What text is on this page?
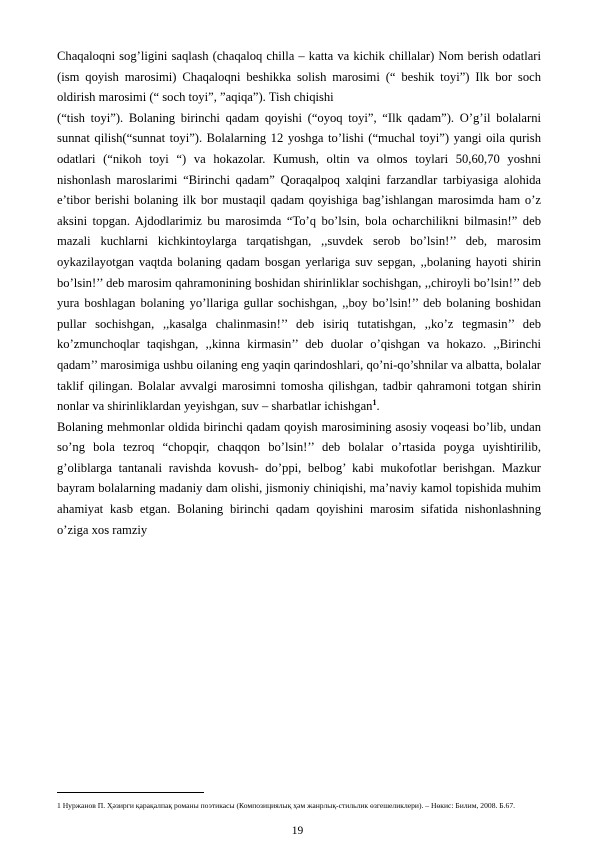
Chaqaloqni sog’ligini saqlash (chaqaloq chilla – katta va kichik chillalar) Nom berish odatlari (ism qoyish marosimi) Chaqaloqni beshikka solish marosimi (“ beshik toyi”) Ilk bor soch oldirish marosimi (“ soch toyi”, ”aqiqa”). Tish chiqishi

(“tish toyi”). Bolaning birinchi qadam qoyishi (“oyoq toyi”, “Ilk qadam”). O’g’il bolalarni sunnat qilish(“sunnat toyi”). Bolalarning 12 yoshga to’lishi (“muchal toyi”) yangi oila qurish odatlari (“nikoh toyi “) va hokazolar. Kumush, oltin va olmos toylari 50,60,70 yoshni nishonlash maroslarimi “Birinchi qadam” Qoraqalpoq xalqini farzandlar tarbiyasiga alohida e’tibor berishi bolaning ilk bor mustaqil qadam qoyishiga bag’ishlangan marosimda ham o’z aksini topgan. Ajdodlarimiz bu marosimda “To’q bo’lsin, bola ocharchilikni bilmasin!” deb mazali kuchlarni kichkintoylarga tarqatishgan, ,,suvdek serob bo’lsin!’’ deb, marosim oykazilayotgan vaqtda bolaning qadam bosgan yerlariga suv sepgan, ,,bolaning hayoti shirin bo’lsin!’’ deb marosim qahramonining boshidan shirinliklar sochishgan, ,,chiroyli bo’lsin!’’ deb yura boshlagan bolaning yo’llariga gullar sochishgan, ,,boy bo’lsin!’’ deb bolaning boshidan pullar sochishgan, ,,kasalga chalinmasin!’’ deb isiriq tutatishgan, ,,ko’z tegmasin’’ deb ko’zmunchoqlar taqishgan, ,,kinna kirmasin’’ deb duolar o’qishgan va hokazo. ,,Birinchi qadam’’ marosimiga ushbu oilaning eng yaqin qarindoshlari, qo’ni-qo’shnilar va albatta, bolalar taklif qilingan. Bolalar avvalgi marosimni tomosha qilishgan, tadbir qahramoni totgan shirin nonlar va shirinliklardan yeyishgan, suv – sharbatlar ichishgan$^1$.

Bolaning mehmonlar oldida birinchi qadam qoyish marosimining asosiy voqeasi bo’lib, undan so’ng bola tezroq “chopqir, chaqqon bo’lsin!’’ deb bolalar o’rtasida poyga uyishtirilib, g’oliblarga tantanali ravishda kovush- do’ppi, belbog’ kabi mukofotlar berishgan. Mazkur bayram bolalarning madaniy dam olishi, jismoniy chiniqishi, ma’naviy kamol topishida muhim ahamiyat kasb etgan. Bolaning birinchi qadam qoyishini marosim sifatida nishonlashning o’ziga xos ramziy

1 Нуржанов П. Ҳәзирги қарақалпақ романы поэтикасы (Композициялық ҳәм жанрлық-стильлик өзгешеликлери). – Нөкис: Билим, 2008. Б.67.
19
